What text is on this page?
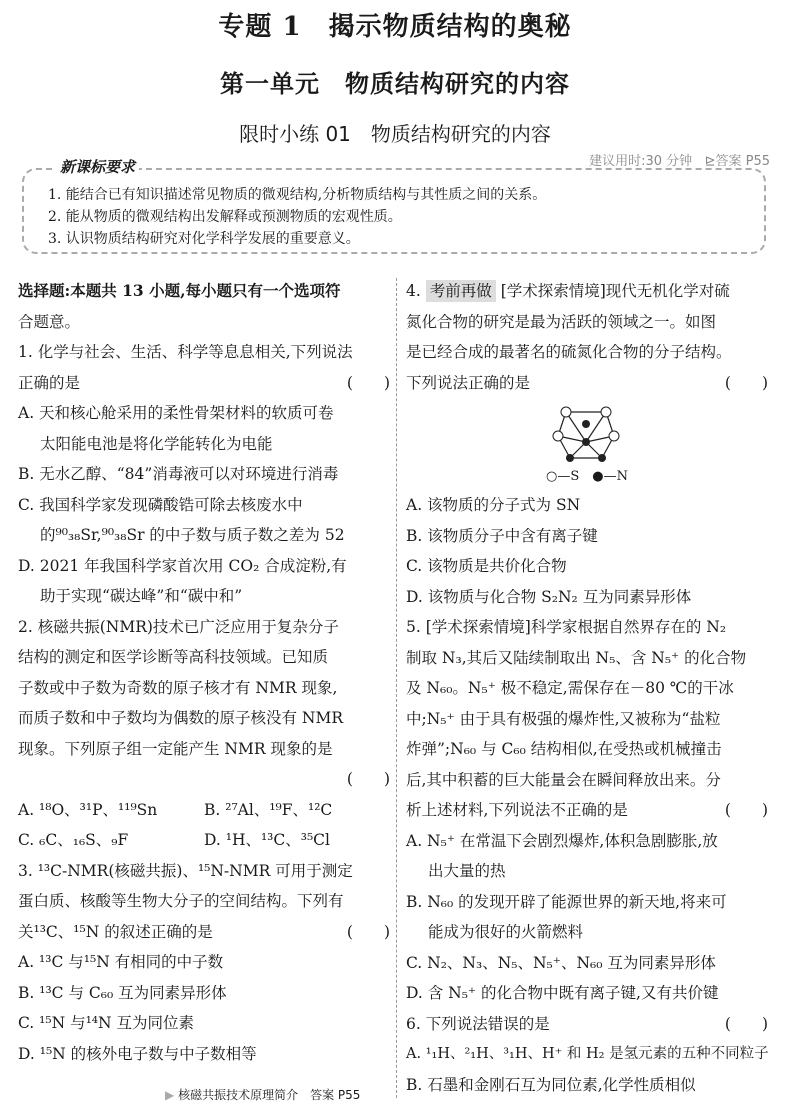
专题 1　揭示物质结构的奥秘
第一单元　物质结构研究的内容
限时小练 01　物质结构研究的内容
建议用时:30 分钟 ⊵答案 P55
新课标要求
1. 能结合已有知识描述常见物质的微观结构,分析物质结构与其性质之间的关系。
2. 能从物质的微观结构出发解释或预测物质的宏观性质。
3. 认识物质结构研究对化学科学发展的重要意义。
选择题:本题共 13 小题,每小题只有一个选项符
合题意。
1. 化学与社会、生活、科学等息息相关,下列说法
正确的是	(　　)
A. 天和核心舱采用的柔性骨架材料的软质可卷
太阳能电池是将化学能转化为电能
B. 无水乙醇、“84”消毒液可以对环境进行消毒
C. 我国科学家发现磷酸锆可除去核废水中
的⁹⁰₃₈Sr,⁹⁰₃₈Sr 的中子数与质子数之差为 52
D. 2021 年我国科学家首次用 CO₂ 合成淀粉,有
助于实现“碳达峰”和“碳中和”
2. 核磁共振(NMR)技术已广泛应用于复杂分子
结构的测定和医学诊断等高科技领域。已知质
子数或中子数为奇数的原子核才有 NMR 现象,
而质子数和中子数均为偶数的原子核没有 NMR
现象。下列原子组一定能产生 NMR 现象的是
(　　)
A. ¹⁸O、³¹P、¹¹⁹Sn	B. ²⁷Al、¹⁹F、¹²C
C. ₆C、₁₆S、₉F	D. ¹H、¹³C、³⁵Cl
3. ¹³C-NMR(核磁共振)、¹⁵N-NMR 可用于测定
蛋白质、核酸等生物大分子的空间结构。下列有
关¹³C、¹⁵N 的叙述正确的是	(　　)
A. ¹³C 与¹⁵N 有相同的中子数
B. ¹³C 与 C₆₀ 互为同素异形体
C. ¹⁵N 与¹⁴N 互为同位素
D. ¹⁵N 的核外电子数与中子数相等
4. 考前再做 [学术探索情境]现代无机化学对硫
氮化合物的研究是最为活跃的领域之一。如图
是已经合成的最著名的硫氮化合物的分子结构。
下列说法正确的是	(　　)
○—S　●—N
A. 该物质的分子式为 SN
B. 该物质分子中含有离子键
C. 该物质是共价化合物
D. 该物质与化合物 S₂N₂ 互为同素异形体
5. [学术探索情境]科学家根据自然界存在的 N₂
制取 N₃,其后又陆续制取出 N₅、含 N₅⁺ 的化合物
及 N₆₀。N₅⁺ 极不稳定,需保存在－80 ℃的干冰
中;N₅⁺ 由于具有极强的爆炸性,又被称为“盐粒
炸弹”;N₆₀ 与 C₆₀ 结构相似,在受热或机械撞击
后,其中积蓄的巨大能量会在瞬间释放出来。分
析上述材料,下列说法不正确的是	(　　)
A. N₅⁺ 在常温下会剧烈爆炸,体积急剧膨胀,放
出大量的热
B. N₆₀ 的发现开辟了能源世界的新天地,将来可
能成为很好的火箭燃料
C. N₂、N₃、N₅、N₅⁺、N₆₀ 互为同素异形体
D. 含 N₅⁺ 的化合物中既有离子键,又有共价键
6. 下列说法错误的是	(　　)
A. ¹₁H、²₁H、³₁H、H⁺ 和 H₂ 是氢元素的五种不同粒子
B. 石墨和金刚石互为同位素,化学性质相似
▶ 核磁共振技术原理简介　答案 P55
